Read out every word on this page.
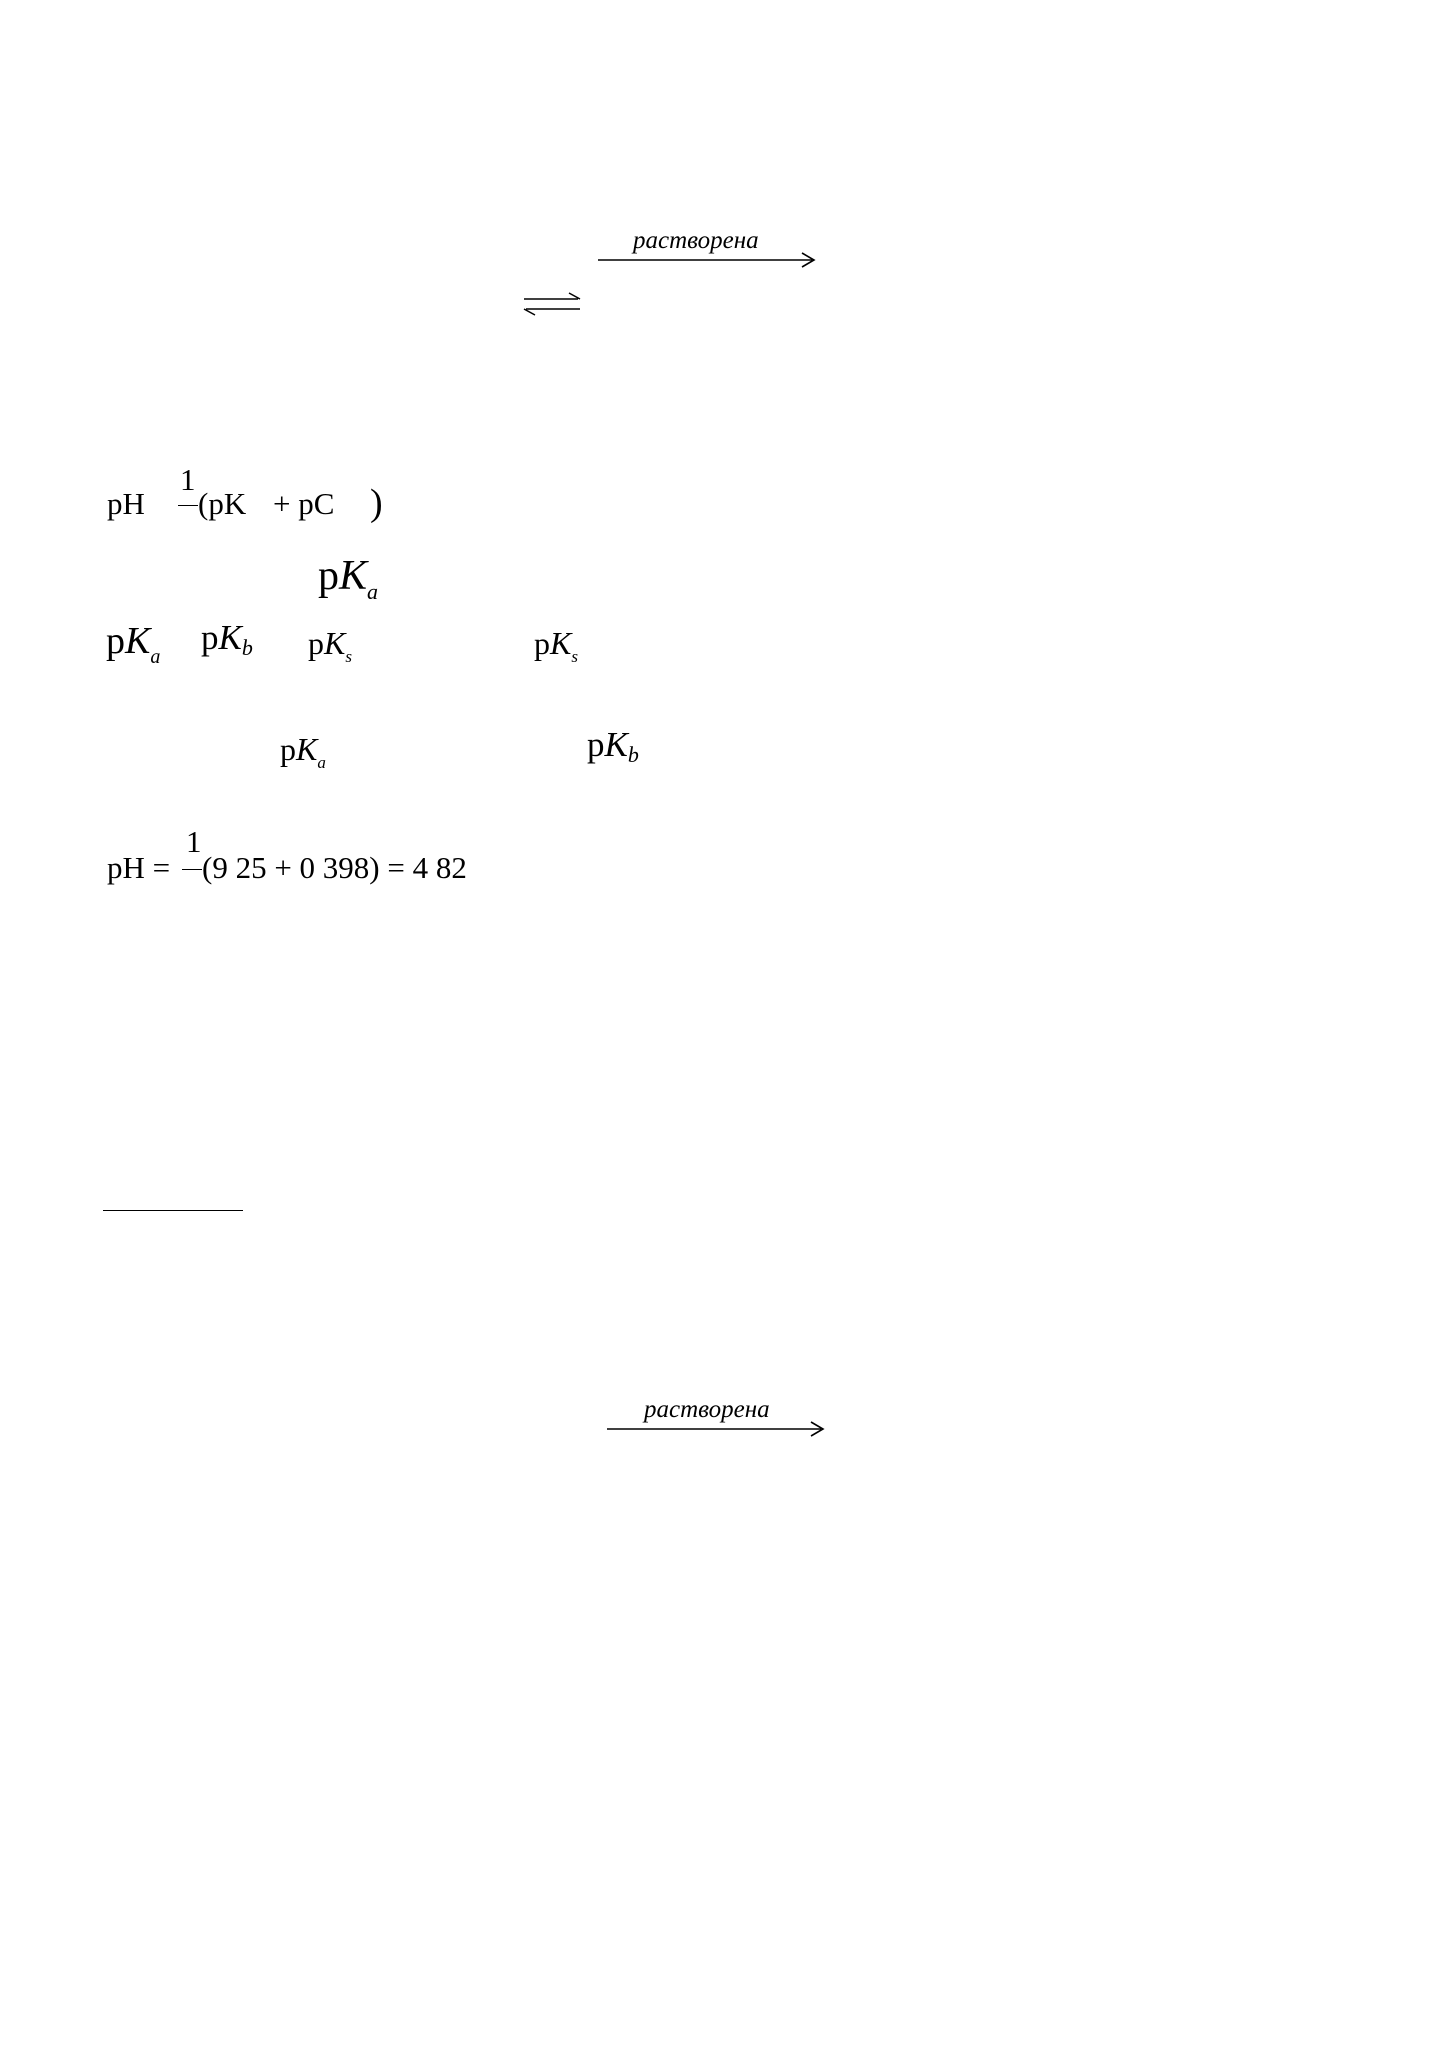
растворена
pH
1
(pK + pC )
$pK_a$
$pK_a$ pKb $pK_s$	$pK_s$
$pK_a$	pKb
pH =
1
(9 25 + 0 398) = 4 82
растворена
